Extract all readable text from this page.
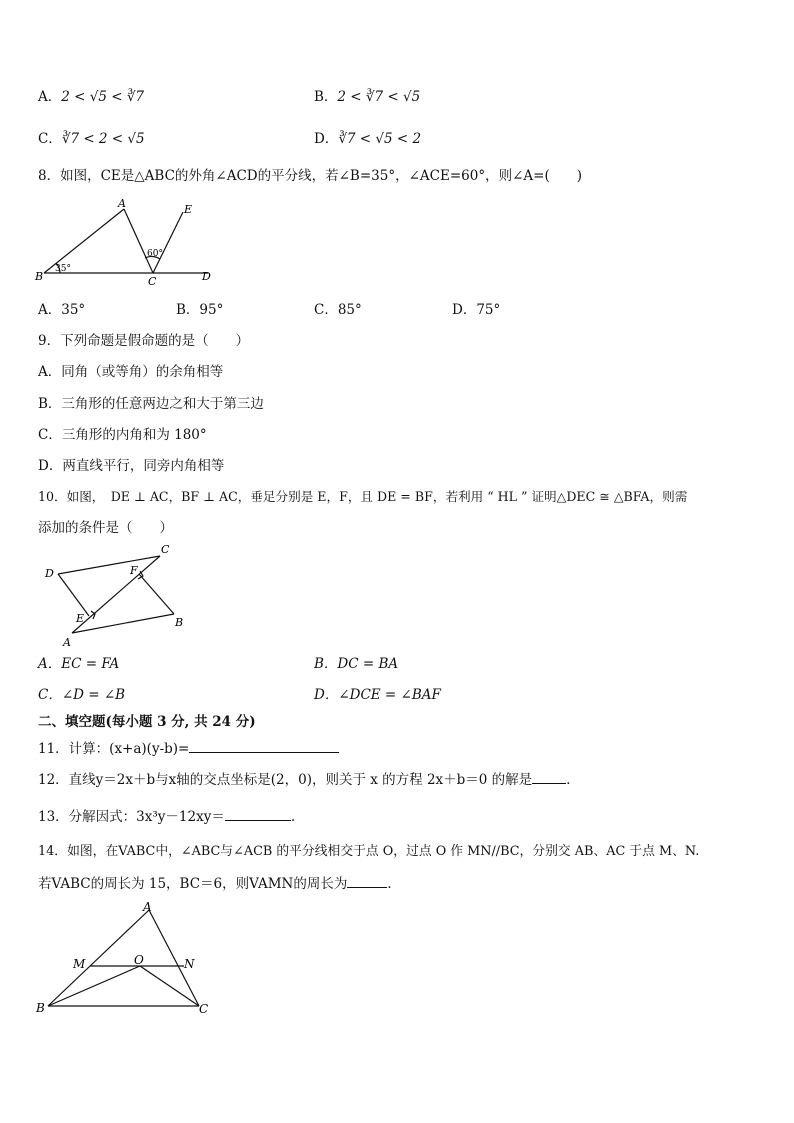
A．2 < √5 < ∛7	B．2 < ∛7 < √5
C．∛7 < 2 < √5	D．∛7 < √5 < 2
8．如图，CE是△ABC的外角∠ACD的平分线，若∠B=35°，∠ACE=60°，则∠A=(　　)
A	E
B	C	D
35°
60°
A．35°	B．95°	C．85°	D．75°
9．下列命题是假命题的是（　　）
A．同角（或等角）的余角相等
B．三角形的任意两边之和大于第三边
C．三角形的内角和为 180°
D．两直线平行，同旁内角相等
10．如图，　DE ⊥ AC，BF ⊥ AC，垂足分别是 E，F，且 DE = BF，若利用 “ HL ” 证明△DEC ≅ △BFA，则需
添加的条件是（　　）
C
D	F
E
A
B
A．EC = FA	B．DC = BA
C．∠D = ∠B	D．∠DCE = ∠BAF
二、填空题(每小题 3 分, 共 24 分)
11．计算：(x+a)(y-b)=
12．直线y＝2x＋b与x轴的交点坐标是(2，0)，则关于 x 的方程 2x＋b＝0 的解是	．
13．分解因式：3x³y－12xy＝	.
14．如图，在VABC中，∠ABC与∠ACB 的平分线相交于点 O，过点 O 作 MN//BC，分别交 AB、AC 于点 M、N.
若VABC的周长为 15，BC＝6，则VAMN的周长为	．
A
M	O	N
B	C
